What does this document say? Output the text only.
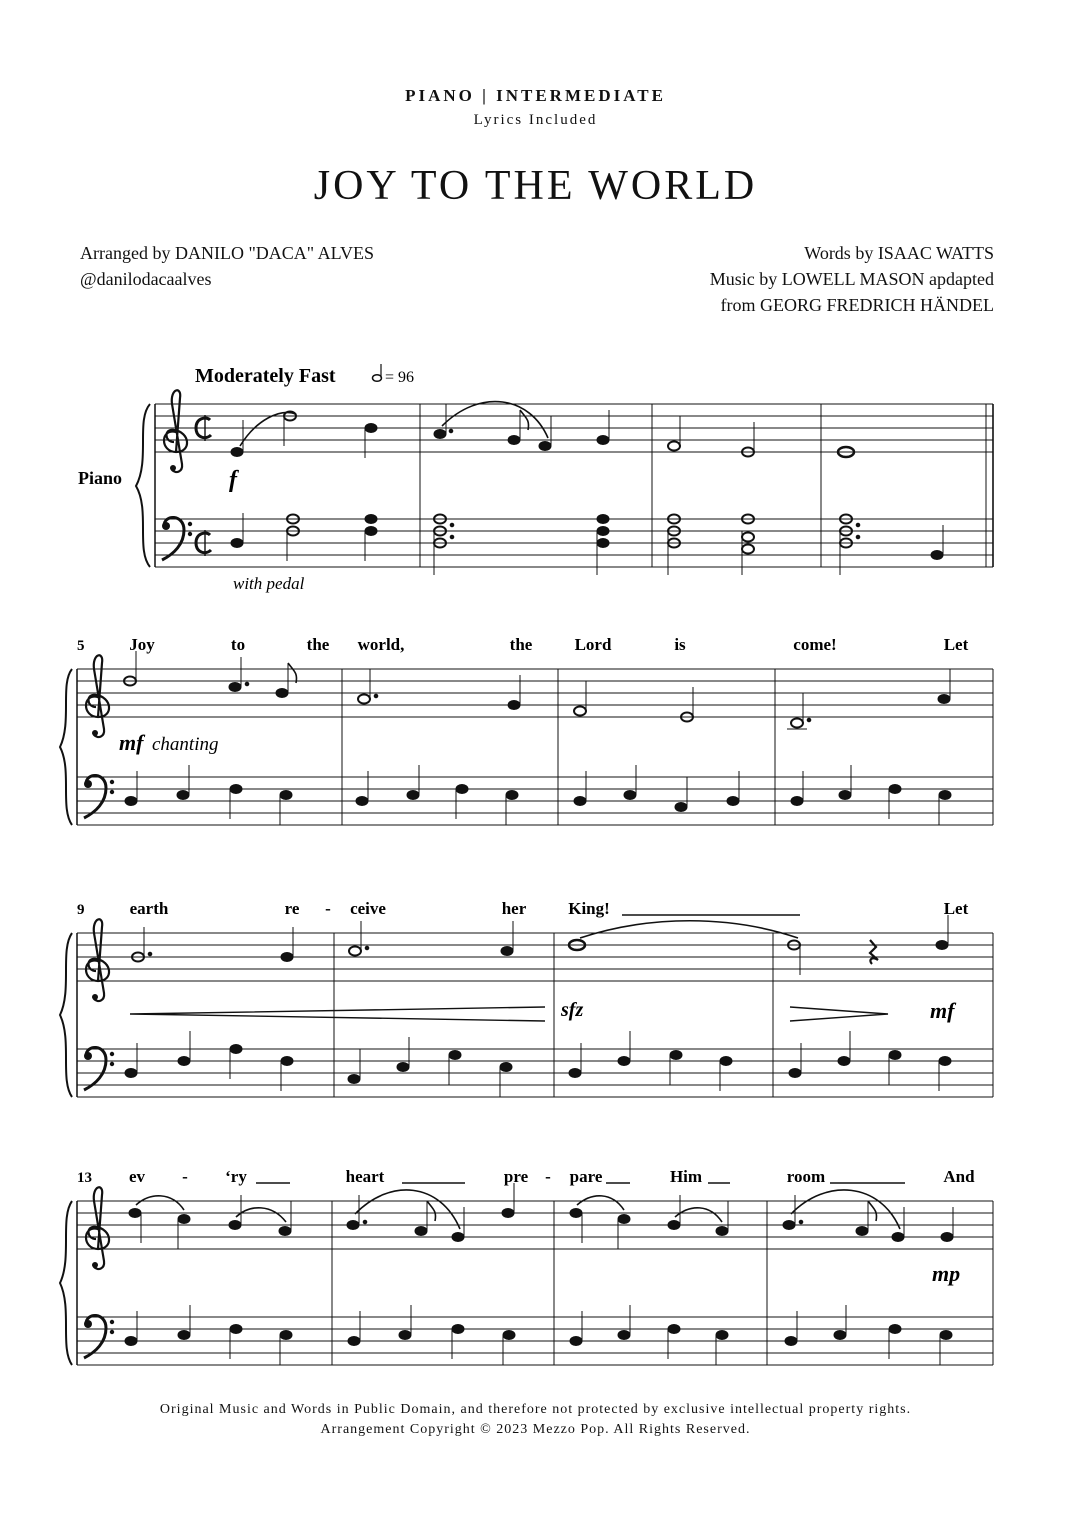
PIANO | INTERMEDIATE
Lyrics Included
JOY TO THE WORLD
Arranged by DANILO "DACA" ALVES
@danilodacaalves
Words by ISAAC WATTS
Music by LOWELL MASON apdapted
from GEORG FREDRICH HÄNDEL
Moderately Fast	= 96
Piano	f
with pedal
5	Joy	to	the world,	the Lord	is	come!	Let
mf chanting
9	earth	re - ceive	her King!	Let
sfz	mf
13 ev - ‘ry	heart	pre - pare	Him	room	And
mp
Original Music and Words in Public Domain, and therefore not protected by exclusive intellectual property rights.
Arrangement Copyright © 2023 Mezzo Pop. All Rights Reserved.
